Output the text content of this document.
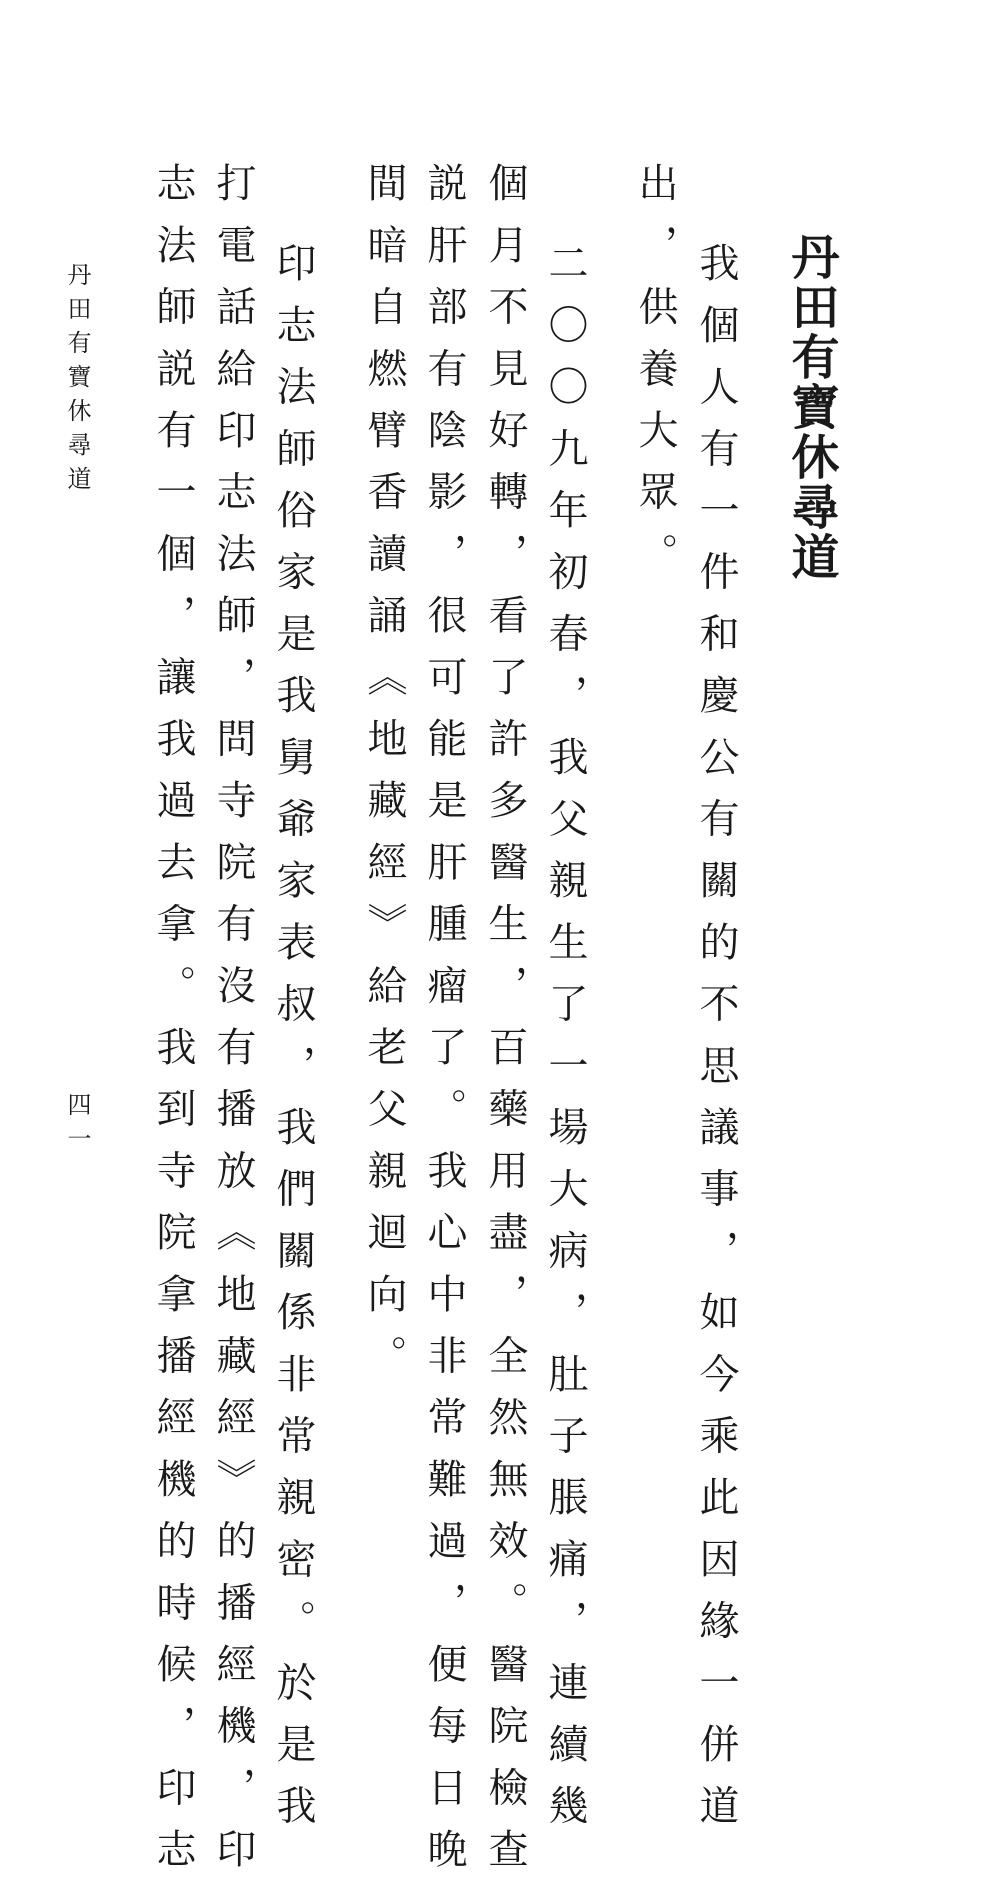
丹田有寶休尋道
我個人有一件和慶公有關的不思議事，如今乘此因緣一併道
出，供養大眾。
二〇〇九年初春，我父親生了一場大病，肚子脹痛，連續幾
個月不見好轉，看了許多醫生，百藥用盡，全然無效。醫院檢查
説肝部有陰影，很可能是肝腫瘤了。我心中非常難過，便每日晚
間暗自燃臂香讀誦《地藏經》給老父親迴向。
印志法師俗家是我舅爺家表叔，我們關係非常親密。於是我
打電話給印志法師，問寺院有沒有播放《地藏經》的播經機，印
志法師説有一個，讓我過去拿。我到寺院拿播經機的時候，印志
丹田有寶休尋道
四一
